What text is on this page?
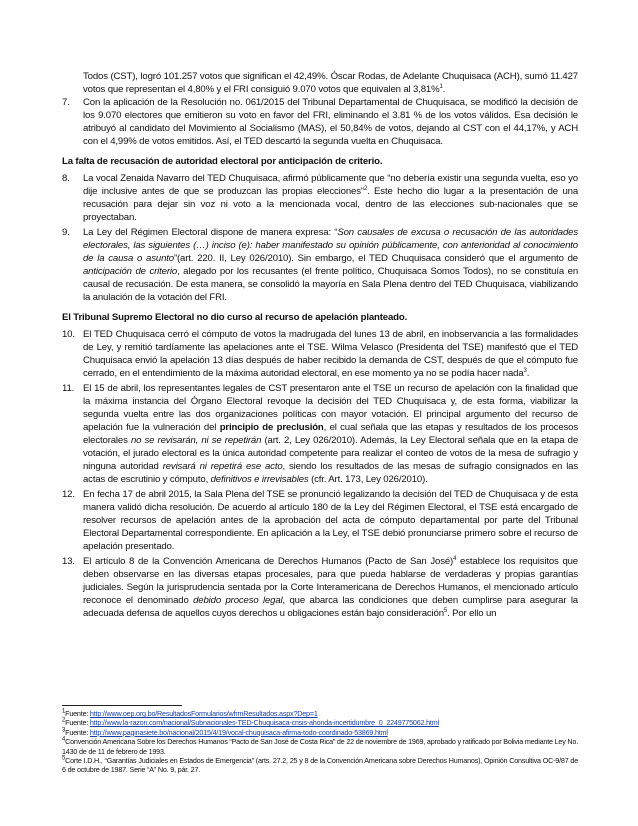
Todos (CST), logró 101.257 votos que significan el 42,49%. Óscar Rodas, de Adelante Chuquisaca (ACH), sumó 11.427 votos que representan el 4,80% y el FRI consiguió 9.070 votos que equivalen al 3,81%$^1$.

7.	Con la aplicación de la Resolución no. 061/2015 del Tribunal Departamental de Chuquisaca, se modificó la decisión de los 9.070 electores que emitieron su voto en favor del FRI, eliminando el 3.81 % de los votos válidos. Esa decisión le atribuyó al candidato del Movimiento al Socialismo (MAS), el 50,84% de votos, dejando al CST con el 44,17%, y ACH con el 4,99% de votos emitidos. Así, el TED descartó la segunda vuelta en Chuquisaca.

La falta de recusación de autoridad electoral por anticipación de criterio.

8.	La vocal Zenaida Navarro del TED Chuquisaca, afirmó públicamente que “no debería existir una segunda vuelta, eso yo dije inclusive antes de que se produzcan las propias elecciones”$^2$. Este hecho dio lugar a la presentación de una recusación para dejar sin voz ni voto a la mencionada vocal, dentro de las elecciones sub-nacionales que se proyectaban.
9.	La Ley del Régimen Electoral dispone de manera expresa: “Son causales de excusa o recusación de las autoridades electorales, las siguientes (…) inciso (e): haber manifestado su opinión públicamente, con anterioridad al conocimiento de la causa o asunto”(art. 220. II, Ley 026/2010). Sin embargo, el TED Chuquisaca consideró que el argumento de anticipación de criterio, alegado por los recusantes (el frente político, Chuquisaca Somos Todos), no se constituía en causal de recusación. De esta manera, se consolidó la mayoría en Sala Plena dentro del TED Chuquisaca, viabilizando la anulación de la votación del FRI.

El Tribunal Supremo Electoral no dio curso al recurso de apelación planteado.

10. El TED Chuquisaca cerró el cómputo de votos la madrugada del lunes 13 de abril, en inobservancia a las formalidades de Ley, y remitió tardíamente las apelaciones ante el TSE. Wilma Velasco (Presidenta del TSE) manifestó que el TED Chuquisaca envió la apelación 13 días después de haber recibido la demanda de CST, después de que el cómputo fue cerrado, en el entendimiento de la máxima autoridad electoral, en ese momento ya no se podía hacer nada$^3$.
11. El 15 de abril, los representantes legales de CST presentaron ante el TSE un recurso de apelación con la finalidad que la máxima instancia del Órgano Electoral revoque la decisión del TED Chuquisaca y, de esta forma, viabilizar la segunda vuelta entre las dos organizaciones políticas con mayor votación. El principal argumento del recurso de apelación fue la vulneración del principio de preclusión, el cual señala que las etapas y resultados de los procesos electorales no se revisarán, ni se repetirán (art. 2, Ley 026/2010). Además, la Ley Electoral señala que en la etapa de votación, el jurado electoral es la única autoridad competente para realizar el conteo de votos de la mesa de sufragio y ninguna autoridad revisará ni repetirá ese acto, siendo los resultados de las mesas de sufragio consignados en las actas de escrutinio y cómputo, definitivos e irrevisables (cfr. Art. 173, Ley 026/2010).
12. En fecha 17 de abril 2015, la Sala Plena del TSE se pronunció legalizando la decisión del TED de Chuquisaca y de esta manera validó dicha resolución. De acuerdo al artículo 180 de la Ley del Régimen Electoral, el TSE está encargado de resolver recursos de apelación antes de la aprobación del acta de cómputo departamental por parte del Tribunal Electoral Departamental correspondiente. En aplicación a la Ley, el TSE debió pronunciarse primero sobre el recurso de apelación presentado.
13. El artículo 8 de la Convención Americana de Derechos Humanos (Pacto de San José)$^4$ establece los requisitos que deben observarse en las diversas etapas procesales, para que pueda hablarse de verdaderas y propias garantías judiciales. Según la jurisprudencia sentada por la Corte Interamericana de Derechos Humanos, el mencionado artículo reconoce el denominado debido proceso legal, que abarca las condiciones que deben cumplirse para asegurar la adecuada defensa de aquellos cuyos derechos u obligaciones están bajo consideración$^5$. Por ello un

$^1$Fuente: http://www.oep.org.bo/ResultadosFormularios/wfrmResultados.aspx?Dep=1

$^2$Fuente: http://www.la-razon.com/nacional/Subnacionales-TED-Chuquisaca-crisis-ahonda-incertidumbre_0_2249775062.html

$^3$Fuente: http://www.paginasiete.bo/nacional/2015/4/19/vocal-chuquisaca-afirma-todo-coordinado-53869.html

$^4$Convención Americana Sobre los Derechos Humanos “Pacto de San José de Costa Rica” de 22 de noviembre de 1969, aprobado y ratificado por Bolivia mediante Ley No. 1430 de de 11 de febrero de 1993.

$^5$Corte I.D.H., “Garantías Judiciales en Estados de Emergencia” (arts. 27.2, 25 y 8 de la Convención Americana sobre Derechos Humanos), Opinión Consultiva OC-9/87 de 6 de octubre de 1987. Serie “A” No. 9, pár. 27.
